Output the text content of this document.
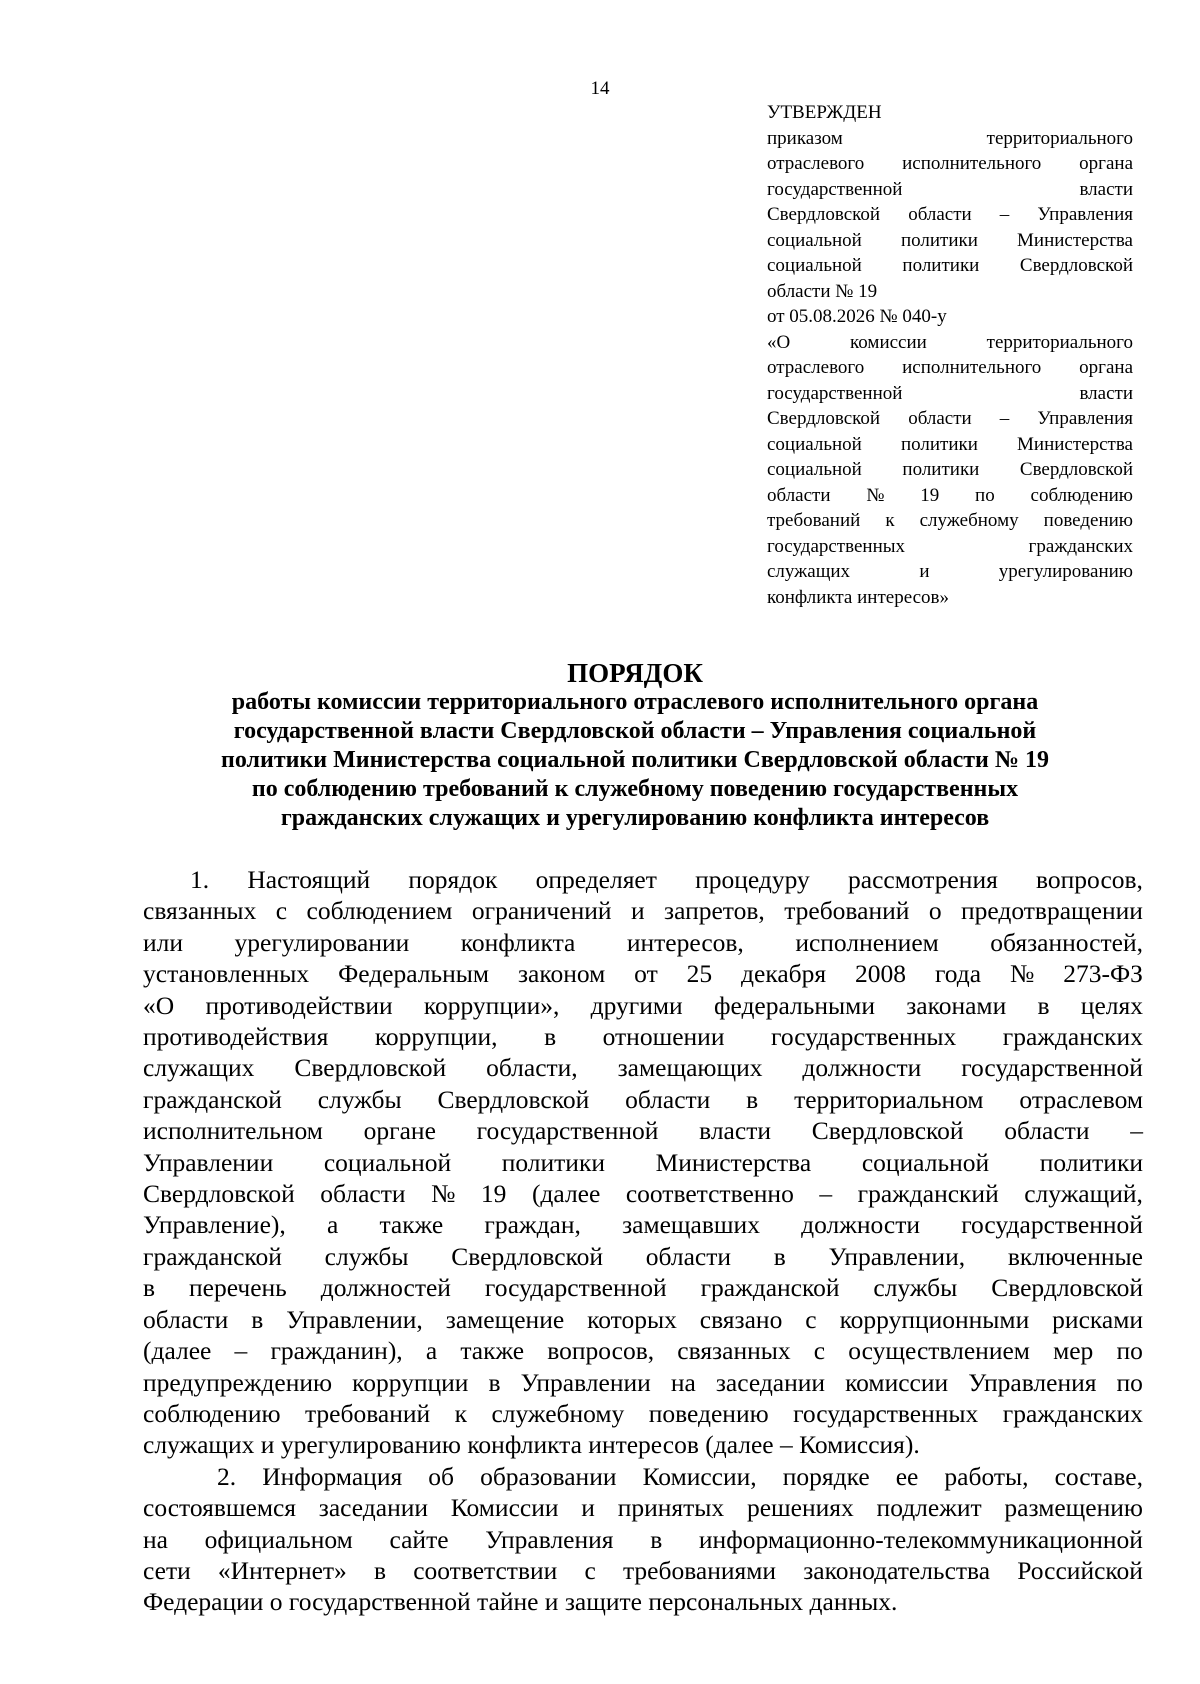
14
УТВЕРЖДЕН
приказом	территориального
отраслевого исполнительного органа
государственной	власти
Свердловской области – Управления
социальной политики Министерства
социальной политики Свердловской
области № 19
от 05.08.2026 № 040-у
«О	комиссии	территориального
отраслевого исполнительного органа
государственной	власти
Свердловской области – Управления
социальной политики Министерства
социальной политики Свердловской
области № 19 по соблюдению
требований к служебному поведению
государственных	гражданских
служащих	и	урегулированию
конфликта интересов»

ПОРЯДОК

работы комиссии территориального отраслевого исполнительного органа

государственной власти Свердловской области – Управления социальной

политики Министерства социальной политики Свердловской области № 19

по соблюдению требований к служебному поведению государственных

гражданских служащих и урегулированию конфликта интересов

1. Настоящий порядок определяет процедуру рассмотрения вопросов,
связанных с соблюдением ограничений и запретов, требований о предотвращении
или урегулировании конфликта интересов, исполнением обязанностей,
установленных Федеральным законом от 25 декабря 2008 года № 273-ФЗ
«О противодействии коррупции», другими федеральными законами в целях
противодействия коррупции, в отношении государственных гражданских
служащих Свердловской области, замещающих должности государственной
гражданской службы Свердловской области в территориальном отраслевом
исполнительном органе государственной власти Свердловской области –
Управлении социальной политики Министерства социальной политики
Свердловской области № 19 (далее соответственно – гражданский служащий,
Управление), а также граждан, замещавших должности государственной
гражданской службы Свердловской области в Управлении, включенные
в перечень должностей государственной гражданской службы Свердловской
области в Управлении, замещение которых связано с коррупционными рисками
(далее – гражданин), а также вопросов, связанных с осуществлением мер по
предупреждению коррупции в Управлении на заседании комиссии Управления по
соблюдению требований к служебному поведению государственных гражданских
служащих и урегулированию конфликта интересов (далее – Комиссия).
2. Информация об образовании Комиссии, порядке ее работы, составе,
состоявшемся заседании Комиссии и принятых решениях подлежит размещению
на официальном сайте Управления в информационно-телекоммуникационной
сети «Интернет» в соответствии с требованиями законодательства Российской
Федерации о государственной тайне и защите персональных данных.
